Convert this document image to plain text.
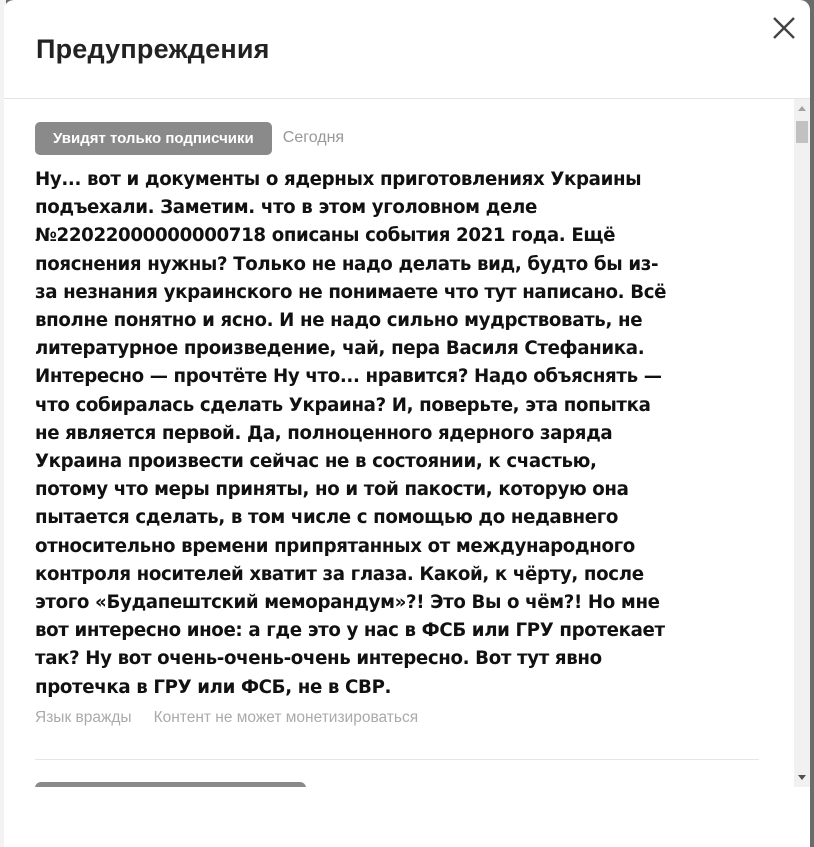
Предупреждения
Увидят только подписчики	Сегодня

Ну... вот и документы о ядерных приготовлениях Украины подъехали. Заметим. что в этом уголовном деле №22022000000000718 описаны события 2021 года. Ещё пояснения нужны? Только не надо делать вид, будто бы из-за незнания украинского не понимаете что тут написано. Всё вполне понятно и ясно. И не надо сильно мудрствовать, не литературное произведение, чай, пера Василя Стефаника. Интересно — прочтёте Ну что... нравится? Надо объяснять — что собиралась сделать Украина? И, поверьте, эта попытка не является первой. Да, полноценного ядерного заряда Украина произвести сейчас не в состоянии, к счастью, потому что меры приняты, но и той пакости, которую она пытается сделать, в том числе с помощью до недавнего относительно времени припрятанных от международного контроля носителей хватит за глаза. Какой, к чёрту, после этого «Будапештский меморандум»?! Это Вы о чём?! Но мне вот интересно иное: а где это у нас в ФСБ или ГРУ протекает так? Ну вот очень-очень-очень интересно. Вот тут явно протечка в ГРУ или ФСБ, не в СВР.

Язык вражды Контент не может монетизироваться
